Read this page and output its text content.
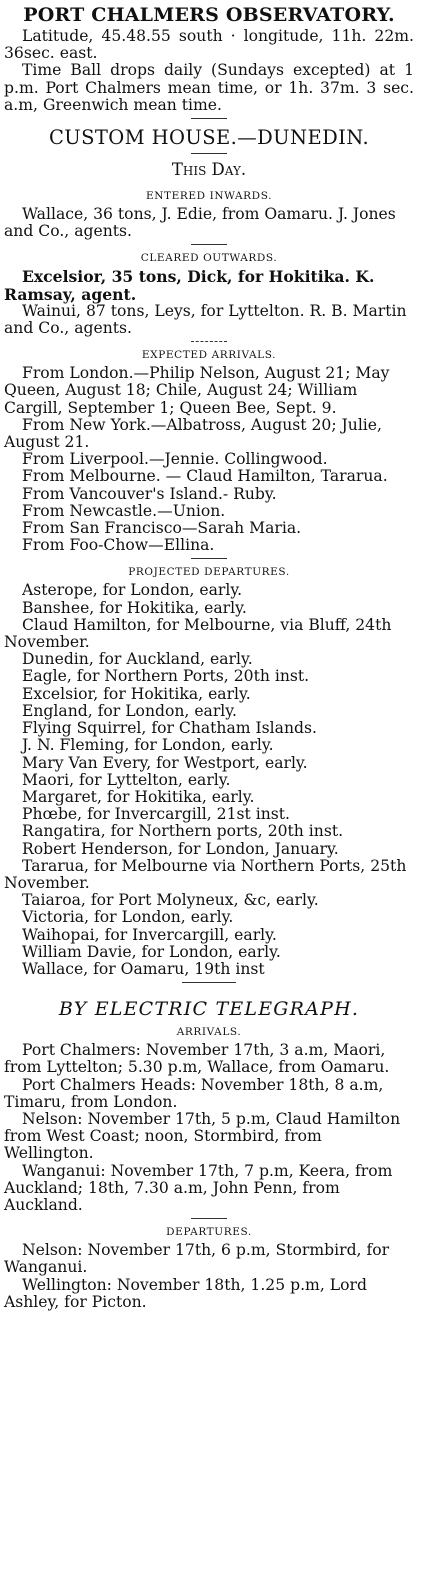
PORT CHALMERS OBSERVATORY.

Latitude, 45.48.55 south · longitude, 11h. 22m. 36sec. east.

Time Ball drops daily (Sundays excepted) at 1 p.m. Port Chalmers mean time, or 1h. 37m. 3 sec. a.m, Greenwich mean time.

CUSTOM HOUSE.—DUNEDIN.
This Day.
ENTERED INWARDS.

Wallace, 36 tons, J. Edie, from Oamaru. J. Jones and Co., agents.

CLEARED OUTWARDS.

Excelsior, 35 tons, Dick, for Hokitika. K. Ramsay, agent.

Wainui, 87 tons, Leys, for Lyttelton. R. B. Martin and Co., agents.

EXPECTED ARRIVALS.

From London.—Philip Nelson, August 21; May Queen, August 18; Chile, August 24; William Cargill, September 1; Queen Bee, Sept. 9.

From New York.—Albatross, August 20; Julie, August 21.

From Liverpool.—Jennie. Collingwood.

From Melbourne. — Claud Hamilton, Tararua.

From Vancouver's Island.- Ruby.

From Newcastle.—Union.

From San Francisco—Sarah Maria.

From Foo-Chow—Ellina.

PROJECTED DEPARTURES.

Asterope, for London, early.

Banshee, for Hokitika, early.

Claud Hamilton, for Melbourne, via Bluff, 24th November.

Dunedin, for Auckland, early.

Eagle, for Northern Ports, 20th inst.

Excelsior, for Hokitika, early.

England, for London, early.

Flying Squirrel, for Chatham Islands.

J. N. Fleming, for London, early.

Mary Van Every, for Westport, early.

Maori, for Lyttelton, early.

Margaret, for Hokitika, early.

Phœbe, for Invercargill, 21st inst.

Rangatira, for Northern ports, 20th inst.

Robert Henderson, for London, January.

Tararua, for Melbourne via Northern Ports, 25th November.

Taiaroa, for Port Molyneux, &c, early.

Victoria, for London, early.

Waihopai, for Invercargill, early.

William Davie, for London, early.

Wallace, for Oamaru, 19th inst

BY ELECTRIC TELEGRAPH.
ARRIVALS.

Port Chalmers: November 17th, 3 a.m, Maori, from Lyttelton; 5.30 p.m, Wallace, from Oamaru.

Port Chalmers Heads: November 18th, 8 a.m, Timaru, from London.

Nelson: November 17th, 5 p.m, Claud Hamilton from West Coast; noon, Stormbird, from Wellington.

Wanganui: November 17th, 7 p.m, Keera, from Auckland; 18th, 7.30 a.m, John Penn, from Auckland.

DEPARTURES.

Nelson: November 17th, 6 p.m, Stormbird, for Wanganui.

Wellington: November 18th, 1.25 p.m, Lord Ashley, for Picton.
